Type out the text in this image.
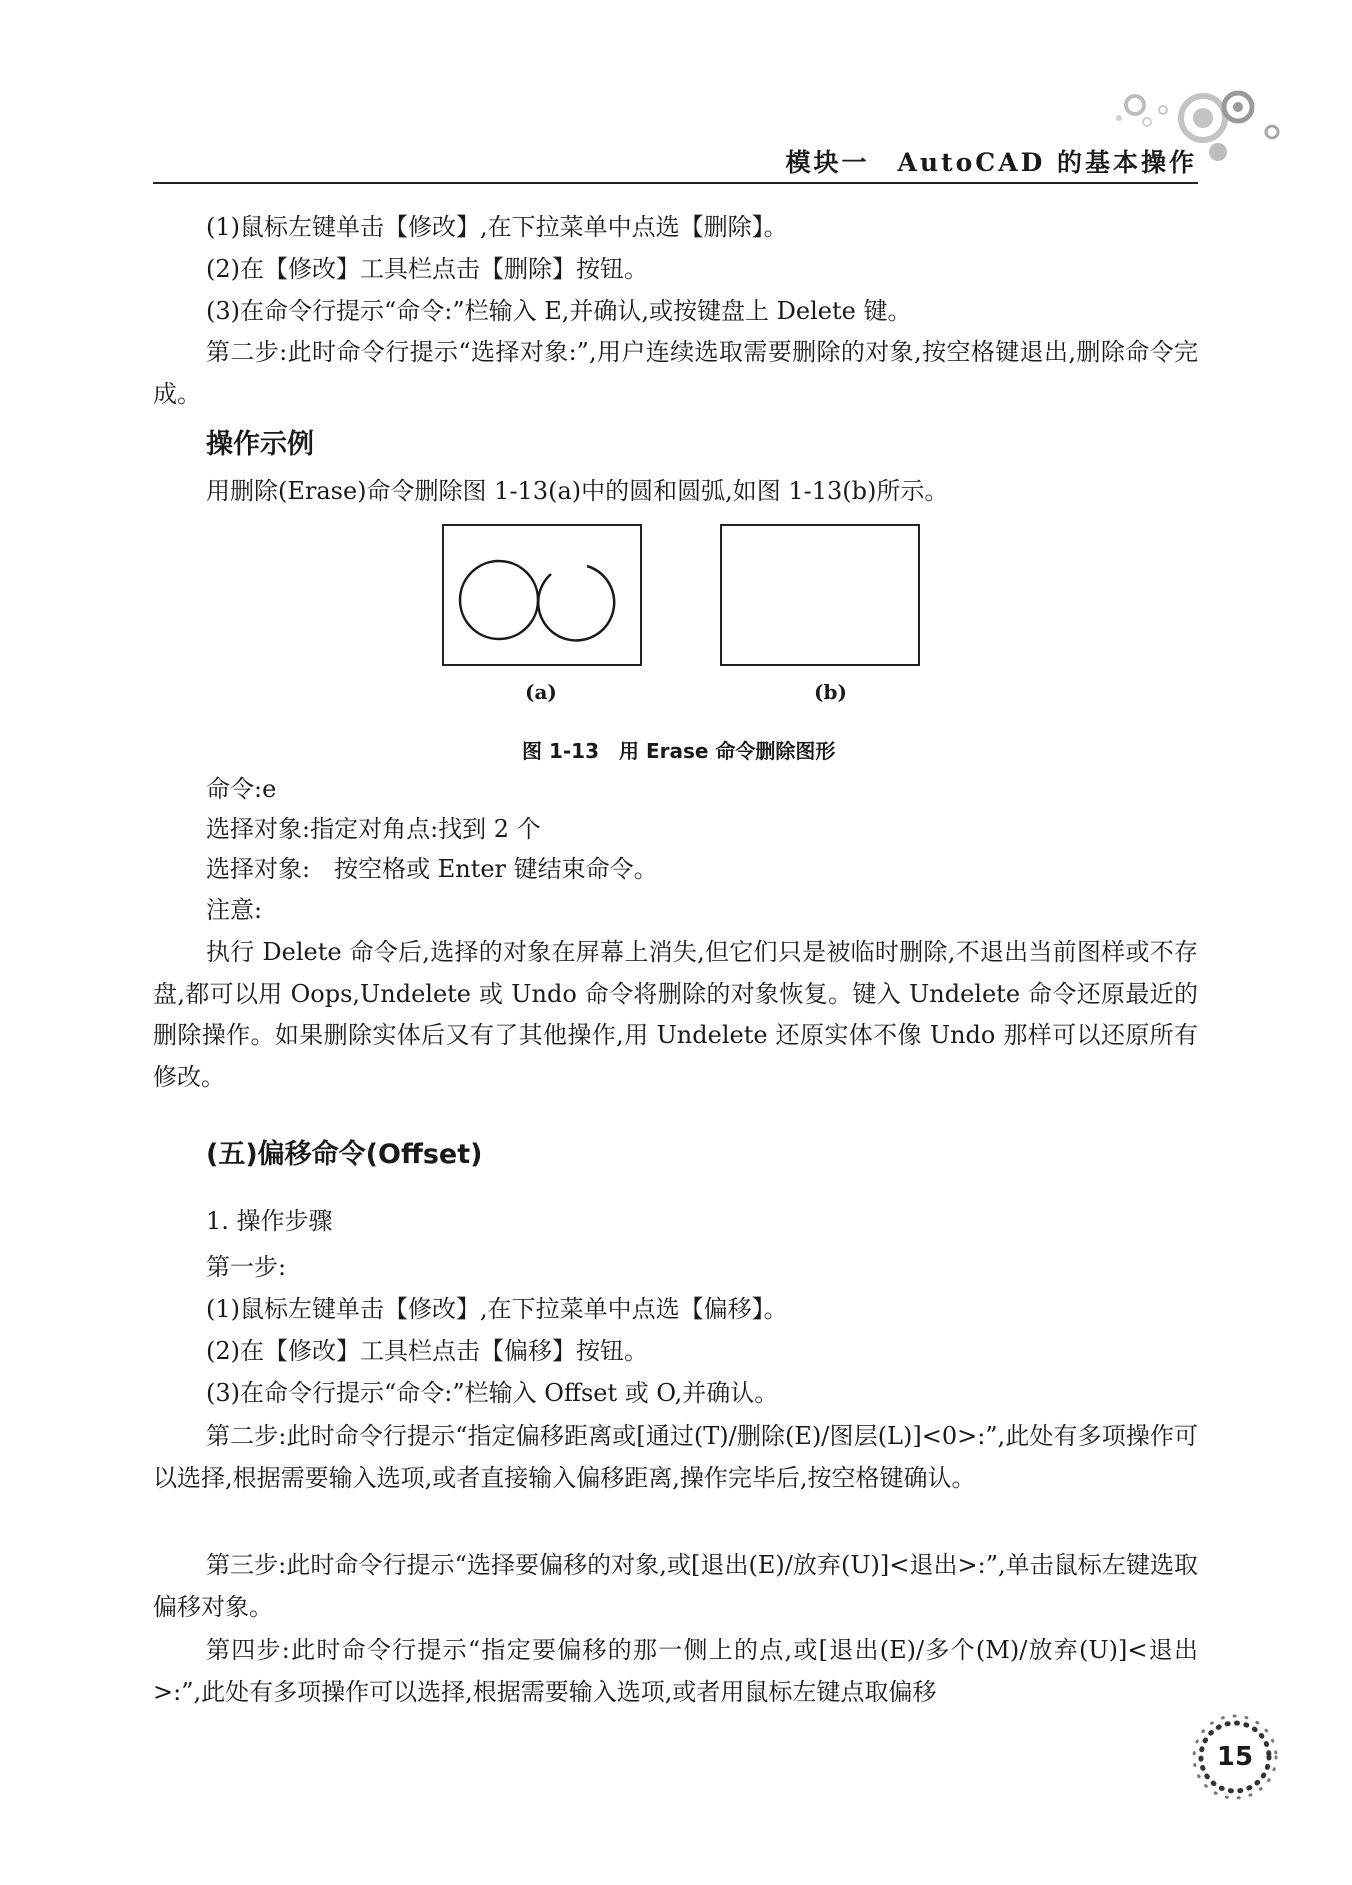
模块一　AutoCAD 的基本操作
(1)鼠标左键单击【修改】,在下拉菜单中点选【删除】。
(2)在【修改】工具栏点击【删除】按钮。
(3)在命令行提示“命令:”栏输入 E,并确认,或按键盘上 Delete 键。
第二步:此时命令行提示“选择对象:”,用户连续选取需要删除的对象,按空格键退出,删除命令完成。
操作示例
用删除(Erase)命令删除图 1-13(a)中的圆和圆弧,如图 1-13(b)所示。
(a)	(b)
图 1-13　用 Erase 命令删除图形
命令:e
选择对象:指定对角点:找到 2 个
选择对象:　按空格或 Enter 键结束命令。
注意:
执行 Delete 命令后,选择的对象在屏幕上消失,但它们只是被临时删除,不退出当前图样或不存盘,都可以用 Oops,Undelete 或 Undo 命令将删除的对象恢复。键入 Undelete 命令还原最近的删除操作。如果删除实体后又有了其他操作,用 Undelete 还原实体不像 Undo 那样可以还原所有修改。
(五)偏移命令(Offset)
1. 操作步骤
第一步:
(1)鼠标左键单击【修改】,在下拉菜单中点选【偏移】。
(2)在【修改】工具栏点击【偏移】按钮。
(3)在命令行提示“命令:”栏输入 Offset 或 O,并确认。
第二步:此时命令行提示“指定偏移距离或[通过(T)/删除(E)/图层(L)]<0>:”,此处有多项操作可以选择,根据需要输入选项,或者直接输入偏移距离,操作完毕后,按空格键确认。
第三步:此时命令行提示“选择要偏移的对象,或[退出(E)/放弃(U)]<退出>:”,单击鼠标左键选取偏移对象。
第四步:此时命令行提示“指定要偏移的那一侧上的点,或[退出(E)/多个(M)/放弃(U)]<退出>:”,此处有多项操作可以选择,根据需要输入选项,或者用鼠标左键点取偏移
15
